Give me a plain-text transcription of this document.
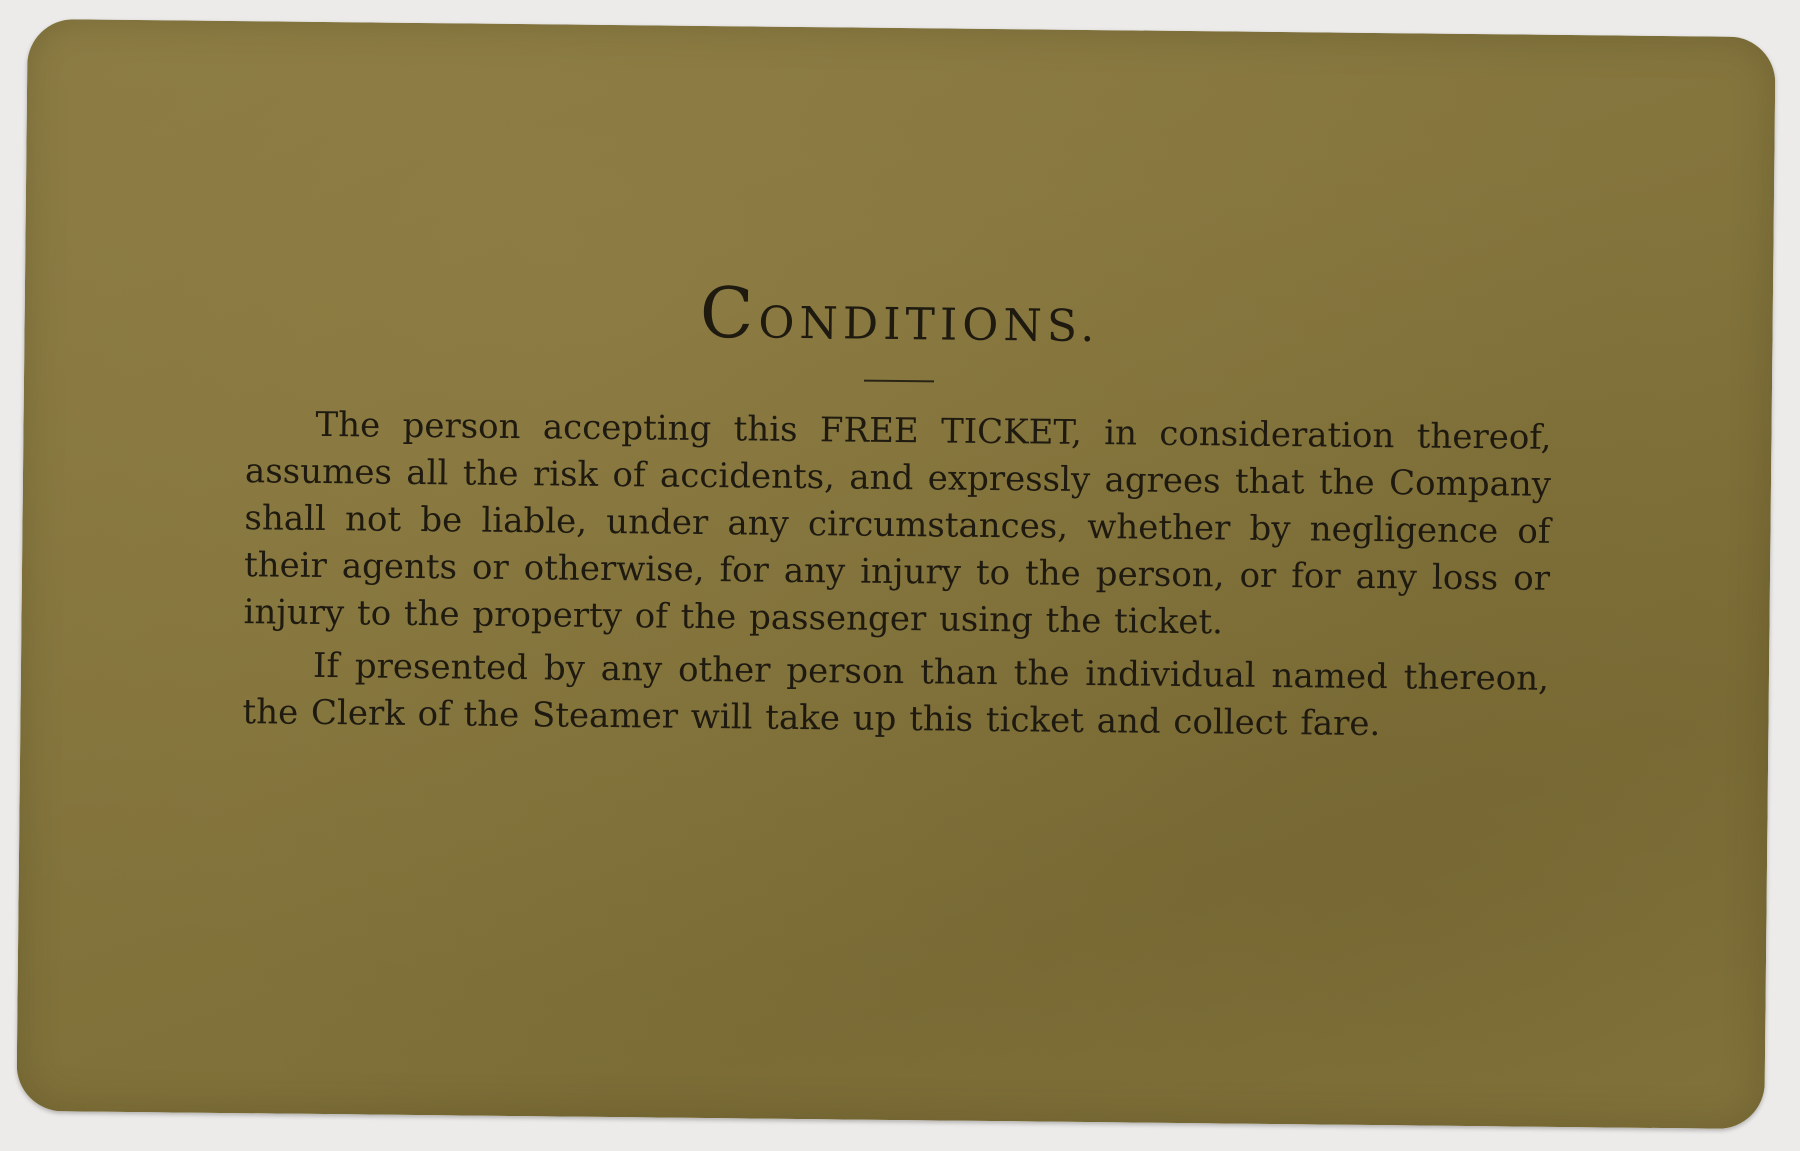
CONDITIONS.

The person accepting this FREE TICKET, in consideration thereof, assumes all the risk of accidents, and expressly agrees that the Company shall not be liable, under any circumstances, whether by negligence of their agents or otherwise, for any injury to the person, or for any loss or injury to the property of the passenger using the ticket.

If presented by any other person than the individual named thereon, the Clerk of the Steamer will take up this ticket and collect fare.
